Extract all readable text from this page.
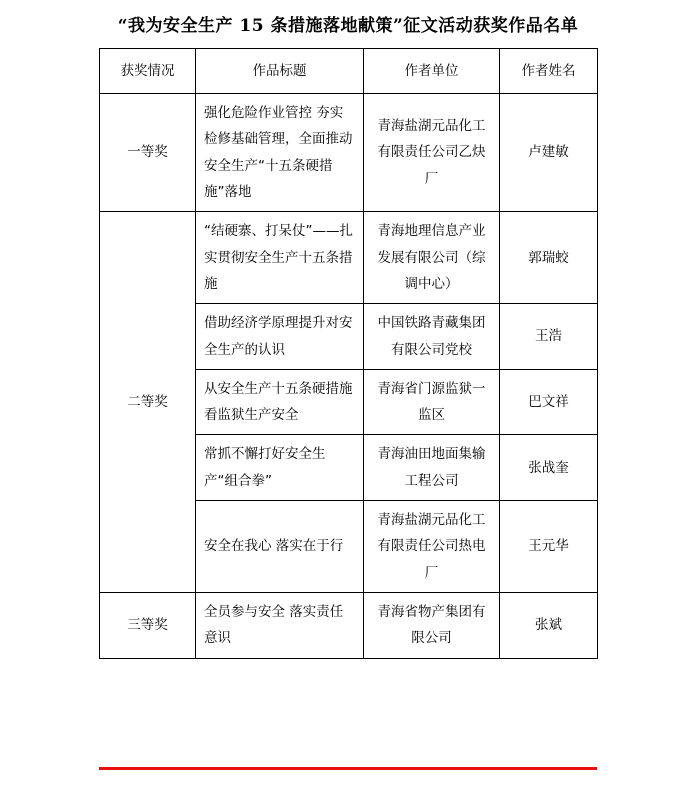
“我为安全生产 15 条措施落地献策”征文活动获奖作品名单
获奖情况	作品标题	作者单位	作者姓名
一等奖	强化危险作业管控 夯实检修基础管理，全面推动安全生产“十五条硬措施”落地	青海盐湖元品化工有限责任公司乙炔厂	卢建敏
二等奖	“结硬寨、打呆仗”——扎实贯彻安全生产十五条措施	青海地理信息产业发展有限公司（综调中心）	郭瑞蛟
	借助经济学原理提升对安全生产的认识	中国铁路青藏集团有限公司党校	王浩
	从安全生产十五条硬措施看监狱生产安全	青海省门源监狱一监区	巴文祥
	常抓不懈打好安全生产“组合拳”	青海油田地面集输工程公司	张战奎
	安全在我心 落实在于行	青海盐湖元品化工有限责任公司热电厂	王元华
三等奖	全员参与安全 落实责任意识	青海省物产集团有限公司	张斌
